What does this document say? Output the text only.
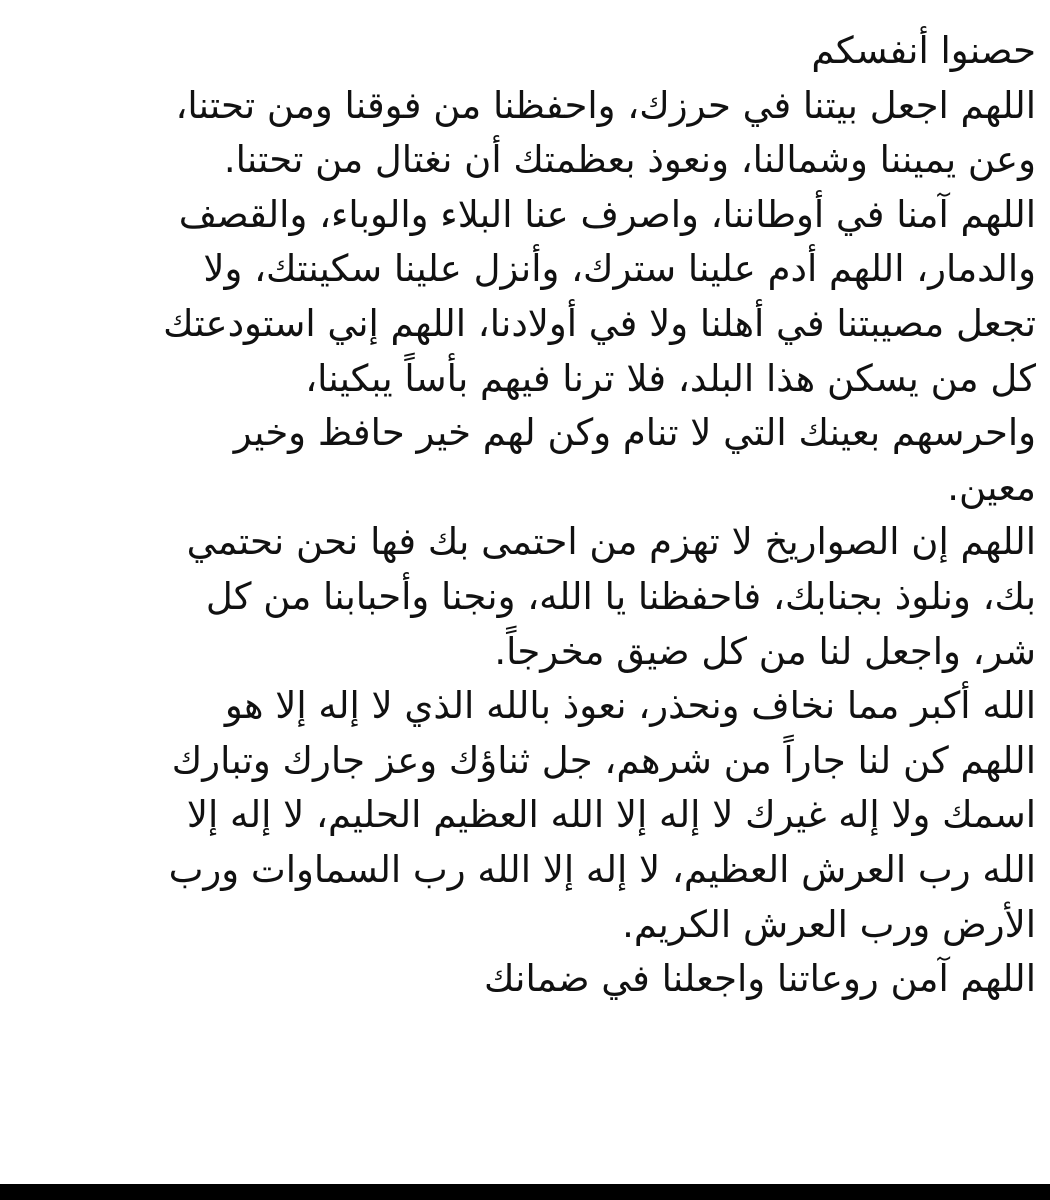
حصنوا أنفسكم
اللهم اجعل بيتنا في حرزك، واحفظنا من فوقنا ومن تحتنا،
وعن يميننا وشمالنا، ونعوذ بعظمتك أن نغتال من تحتنا.
اللهم آمنا في أوطاننا، واصرف عنا البلاء والوباء، والقصف
والدمار، اللهم أدم علينا سترك، وأنزل علينا سكينتك، ولا
تجعل مصيبتنا في أهلنا ولا في أولادنا، اللهم إني استودعتك
كل من يسكن هذا البلد، فلا ترنا فيهم بأساً يبكينا،
واحرسهم بعينك التي لا تنام وكن لهم خير حافظ وخير
معين.
اللهم إن الصواريخ لا تهزم من احتمى بك فها نحن نحتمي
بك، ونلوذ بجنابك، فاحفظنا يا الله، ونجنا وأحبابنا من كل
شر، واجعل لنا من كل ضيق مخرجاً.
الله أكبر مما نخاف ونحذر، نعوذ بالله الذي لا إله إلا هو
اللهم كن لنا جاراً من شرهم، جل ثناؤك وعز جارك وتبارك
اسمك ولا إله غيرك لا إله إلا الله العظيم الحليم، لا إله إلا
الله رب العرش العظيم، لا إله إلا الله رب السماوات ورب
الأرض ورب العرش الكريم.
اللهم آمن روعاتنا واجعلنا في ضمانك
